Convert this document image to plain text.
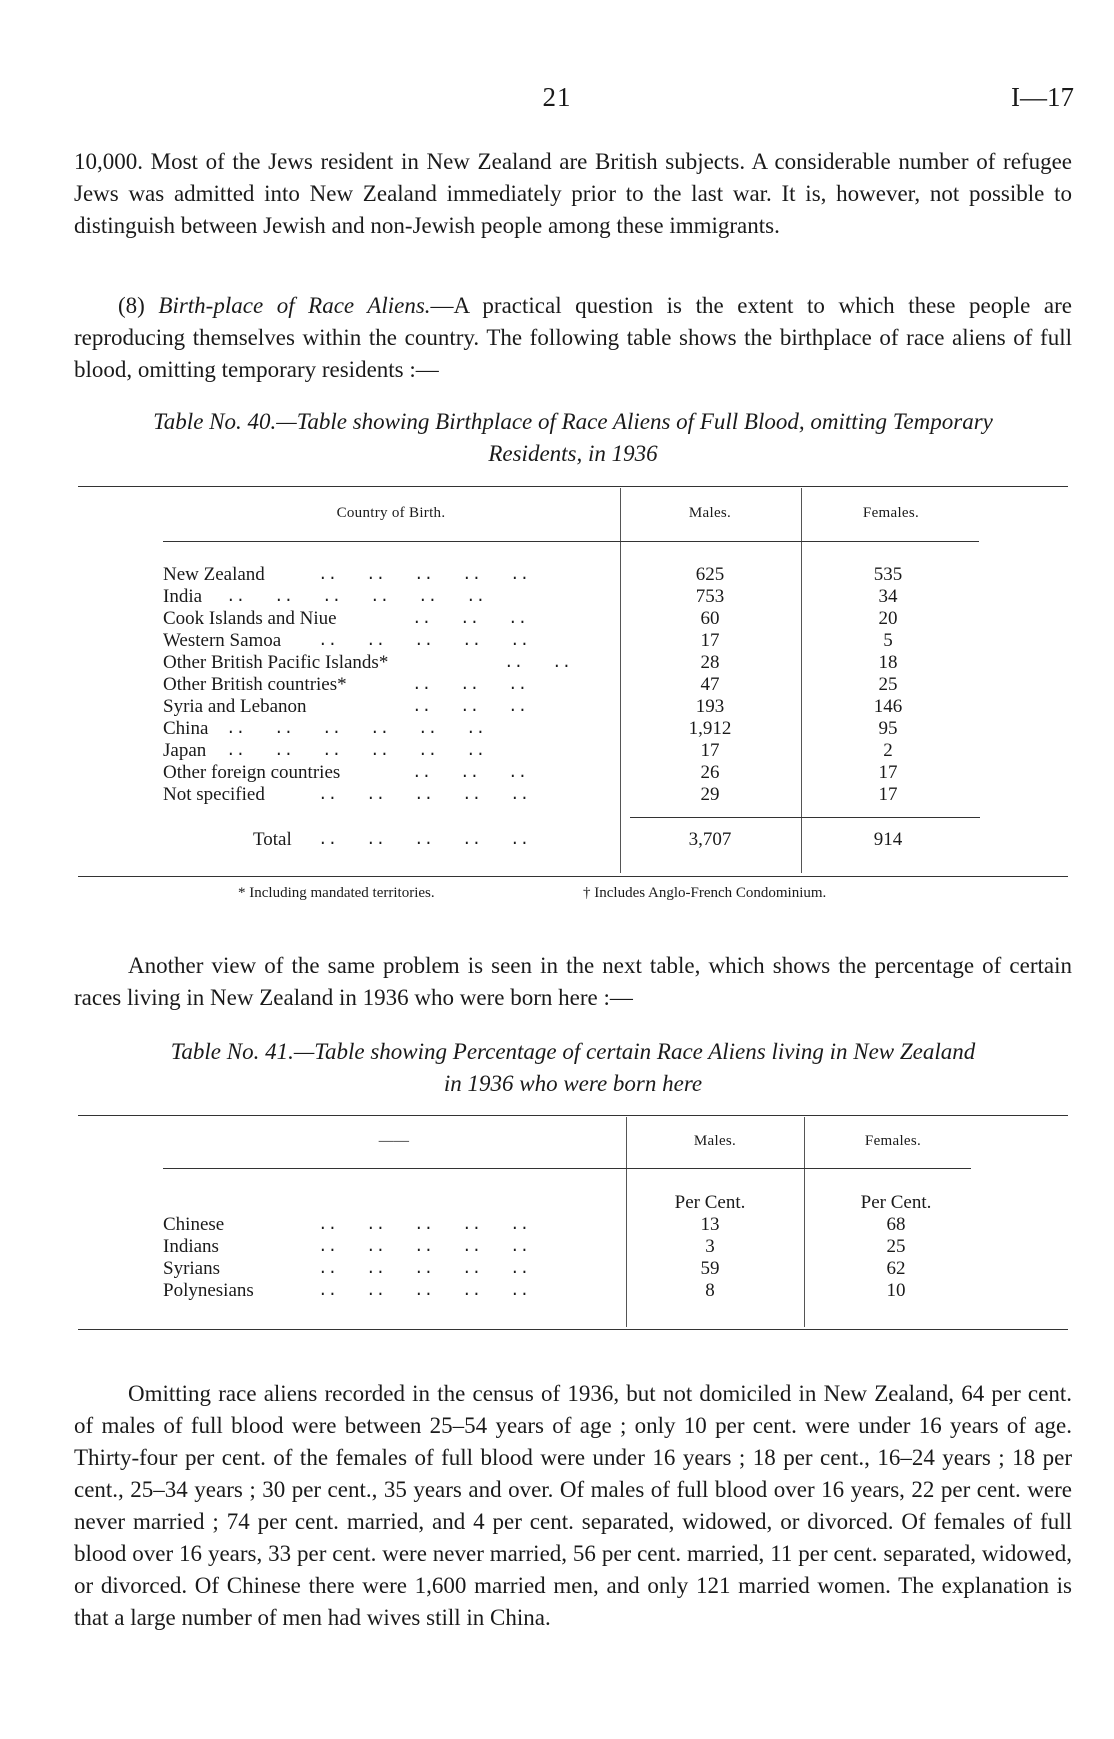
21	I—17

10,000. Most of the Jews resident in New Zealand are British subjects. A considerable number of refugee Jews was admitted into New Zealand immediately prior to the last war. It is, however, not possible to distinguish between Jewish and non-Jewish people among these immigrants.

(8) Birth-place of Race Aliens.—A practical question is the extent to which these people are reproducing themselves within the country. The following table shows the birthplace of race aliens of full blood, omitting temporary residents :—

Table No. 40.—Table showing Birthplace of Race Aliens of Full Blood, omitting Temporary

Residents, in 1936

Country of Birth.	Males.	Females.
New Zealand	..   ..   ..   ..   ..	625	535
India ..   ..   ..   ..   ..   ..	753	34
Cook Islands and Niue	..   ..   ..	60	20
Western Samoa ..   ..   ..   ..   ..	17	5
Other British Pacific Islands*	..   ..	28	18
Other British countries*	..   ..   ..	47	25
Syria and Lebanon	..   ..   ..	193	146
China ..   ..   ..   ..   ..   ..	1,912	95
Japan ..   ..   ..   ..   ..   ..	17	2
Other foreign countries	..   ..   ..	26	17
Not specified	..   ..   ..   ..   ..	29	17
Total ..   ..   ..   ..   ..	3,707	914
* Including mandated territories.	† Includes Anglo-French Condominium.

Another view of the same problem is seen in the next table, which shows the percentage of certain races living in New Zealand in 1936 who were born here :—

Table No. 41.—Table showing Percentage of certain Race Aliens living in New Zealand

in 1936 who were born here

——	Males.	Females.
Per Cent.	Per Cent.
Chinese	..   ..   ..   ..   ..	13	68
Indians	..   ..   ..   ..   ..	3	25
Syrians	..   ..   ..   ..   ..	59	62
Polynesians	..   ..   ..   ..   ..	8	10

Omitting race aliens recorded in the census of 1936, but not domiciled in New Zealand, 64 per cent. of males of full blood were between 25–54 years of age ; only 10 per cent. were under 16 years of age. Thirty-four per cent. of the females of full blood were under 16 years ; 18 per cent., 16–24 years ; 18 per cent., 25–34 years ; 30 per cent., 35 years and over. Of males of full blood over 16 years, 22 per cent. were never married ; 74 per cent. married, and 4 per cent. separated, widowed, or divorced. Of females of full blood over 16 years, 33 per cent. were never married, 56 per cent. married, 11 per cent. separated, widowed, or divorced. Of Chinese there were 1,600 married men, and only 121 married women. The explanation is that a large number of men had wives still in China.
